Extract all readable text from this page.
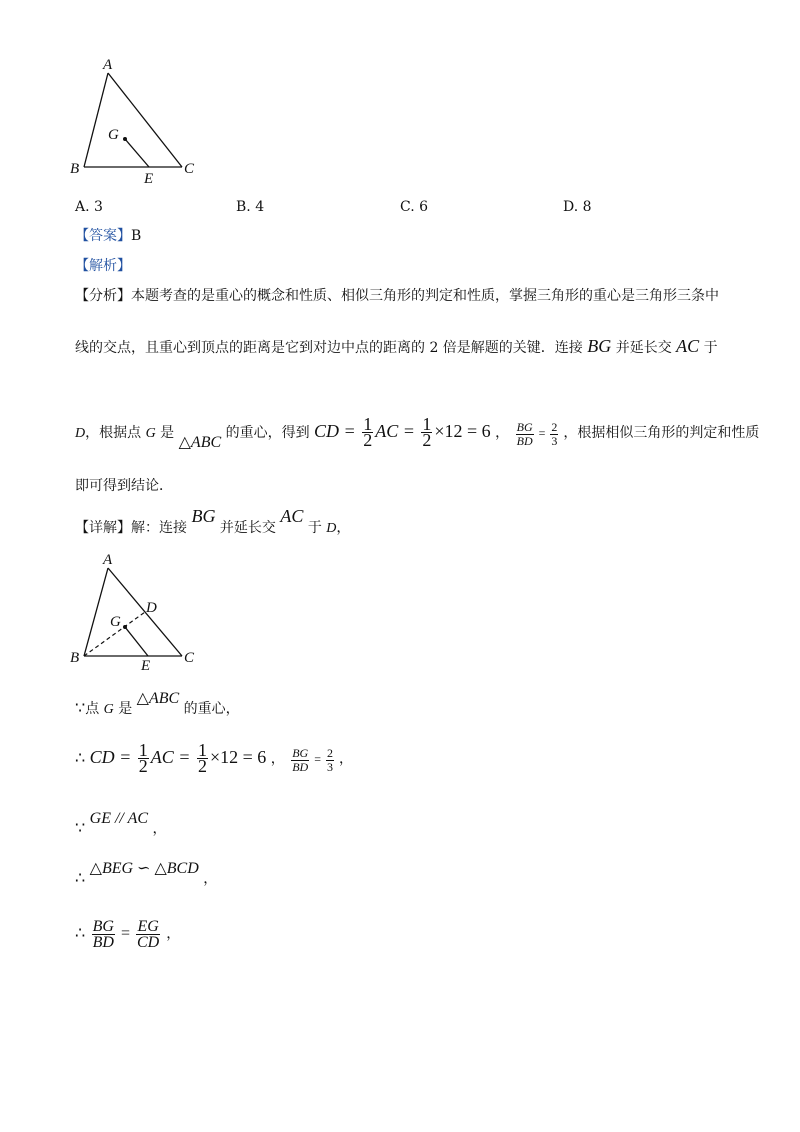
A
G
B
E
C
A. 3	B. 4	C. 6	D. 8
【答案】B
【解析】
【分析】本题考查的是重心的概念和性质、相似三角形的判定和性质，掌握三角形的重心是三角形三条中
线的交点，且重心到顶点的距离是它到对边中点的距离的 2 倍是解题的关键．连接 BG 并延长交 AC 于
D，根据点 G 是 △ABC 的重心，得到 CD = $\frac{1}{2}$ AC = $\frac{1}{2} \times 12 = 6$ ， $\frac{BG}{BD} = \frac{2}{3}$ ，根据相似三角形的判定和性质
即可得到结论．
【详解】解：连接 BG 并延长交 AC 于 D，
A
D
G
B	E C
∵点 G 是 △ABC 的重心，
∴ CD = $\frac{1}{2}$ AC = $\frac{1}{2} \times 12 = 6$ ， $\frac{BG}{BD} = \frac{2}{3}$ ，
∵ GE // AC ，
∴ △BEG ∽ △BCD ，
∴ $\frac{BG}{BD} = \frac{EG}{CD}$ ，
